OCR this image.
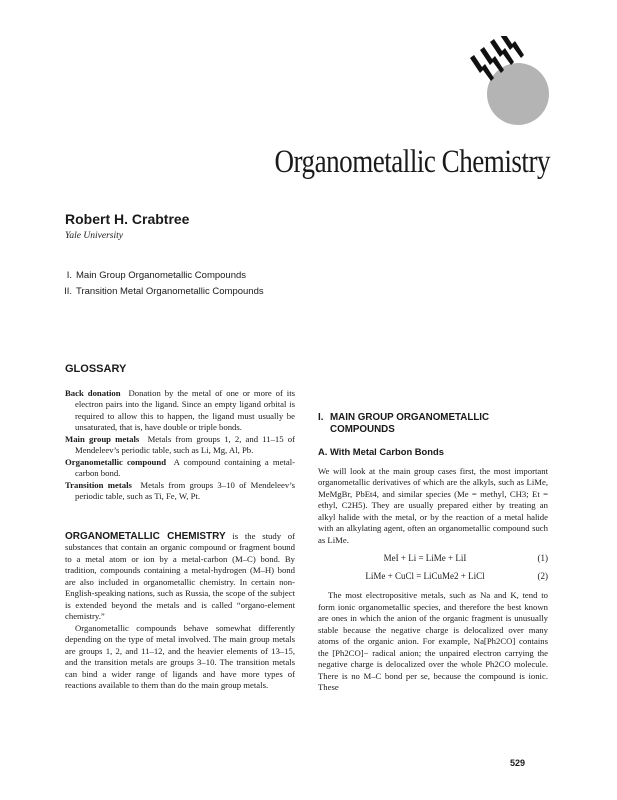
Organometallic Chemistry
Robert H. Crabtree
Yale University
I. Main Group Organometallic Compounds
II. Transition Metal Organometallic Compounds
GLOSSARY

Back donation Donation by the metal of one or more of its electron pairs into the ligand. Since an empty ligand orbital is required to allow this to happen, the ligand must usually be unsaturated, that is, have double or triple bonds.

Main group metals Metals from groups 1, 2, and 11–15 of Mendeleev’s periodic table, such as Li, Mg, Al, Pb.

Organometallic compound A compound containing a metal-carbon bond.

Transition metals Metals from groups 3–10 of Mendeleev’s periodic table, such as Ti, Fe, W, Pt.

ORGANOMETALLIC CHEMISTRY is the study of substances that contain an organic compound or fragment bound to a metal atom or ion by a metal-carbon (M–C) bond. By tradition, compounds containing a metal-hydrogen (M–H) bond are also included in organometallic chemistry. In certain non-English-speaking nations, such as Russia, the scope of the subject is extended beyond the metals and is called “organo-element chemistry.”

Organometallic compounds behave somewhat differently depending on the type of metal involved. The main group metals are groups 1, 2, and 11–12, and the heavier elements of 13–15, and the transition metals are groups 3–10. The transition metals can bind a wider range of ligands and have more types of reactions available to them than do the main group metals.

I. MAIN GROUP ORGANOMETALLIC
COMPOUNDS
A. With Metal Carbon Bonds

We will look at the main group cases first, the most important organometallic derivatives of which are the alkyls, such as LiMe, MeMgBr, PbEt4, and similar species (Me = methyl, CH3; Et = ethyl, C2H5). They are usually prepared either by treating an alkyl halide with the metal, or by the reaction of a metal halide with an alkylating agent, often an organometallic compound such as LiMe.

MeI + Li = LiMe + LiI	(1)
LiMe + CuCl = LiCuMe2 + LiCl	(2)

The most electropositive metals, such as Na and K, tend to form ionic organometallic species, and therefore the best known are ones in which the anion of the organic fragment is unusually stable because the negative charge is delocalized over many atoms of the organic anion. For example, Na[Ph2CO] contains the [Ph2CO]− radical anion; the unpaired electron carrying the negative charge is delocalized over the whole Ph2CO molecule. There is no M–C bond per se, because the compound is ionic. These

529
